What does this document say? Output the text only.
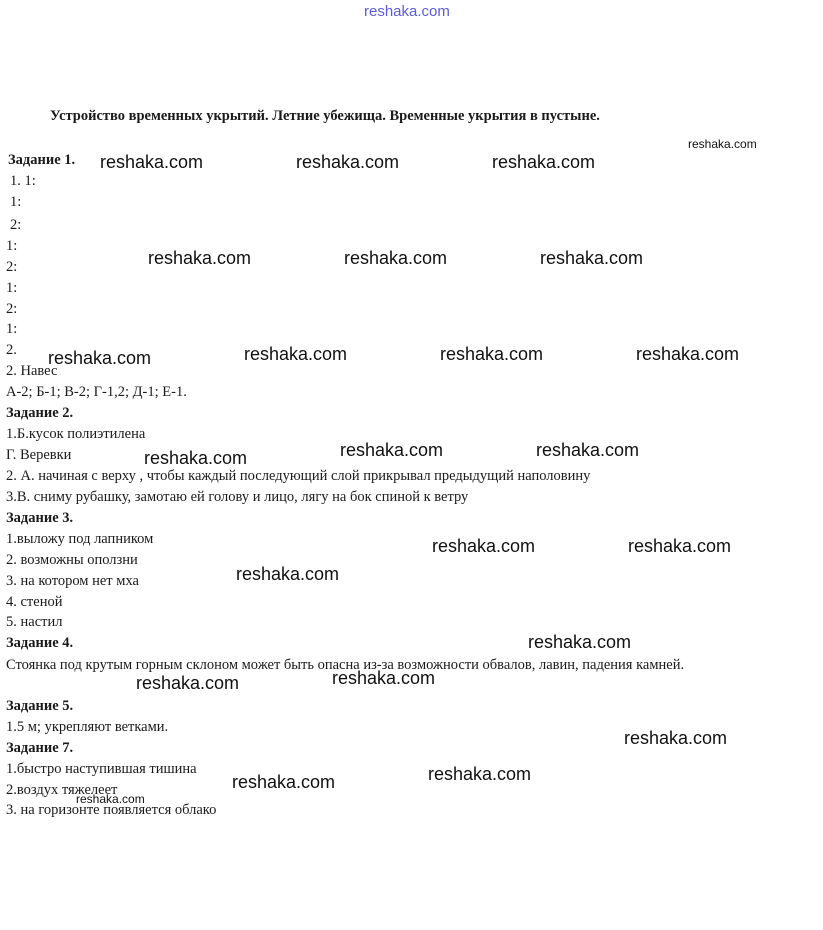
reshaka.com
Устройство временных укрытий. Летние убежища. Временные укрытия в пустыне.
Задание 1.
1. 1:
1:
2:
1:
2:
1:
2:
1:
2.
2. Навес
А-2; Б-1; В-2; Г-1,2; Д-1; Е-1.
Задание 2.
1.Б.кусок полиэтилена
Г. Веревки
2. А. начиная с верху , чтобы каждый последующий слой прикрывал предыдущий наполовину
3.В. сниму рубашку, замотаю ей голову и лицо, лягу на бок спиной к ветру
Задание 3.
1.выложу под лапником
2. возможны оползни
3. на котором нет мха
4. стеной
5. настил
Задание 4.
Стоянка под крутым горным склоном может быть опасна из-за возможности обвалов, лавин, падения камней.
Задание 5.
1.5 м; укрепляют ветками.
Задание 7.
1.быстро наступившая тишина
2.воздух тяжелеет
3. на горизонте появляется облако
reshaka.com
reshaka.com	reshaka.com	reshaka.com
reshaka.com	reshaka.com	reshaka.com
reshaka.com	reshaka.com	reshaka.com	reshaka.com
reshaka.com	reshaka.com
reshaka.com
reshaka.com	reshaka.com
reshaka.com
reshaka.com
reshaka.com
reshaka.com
reshaka.com
reshaka.com
reshaka.com
reshaka.com
